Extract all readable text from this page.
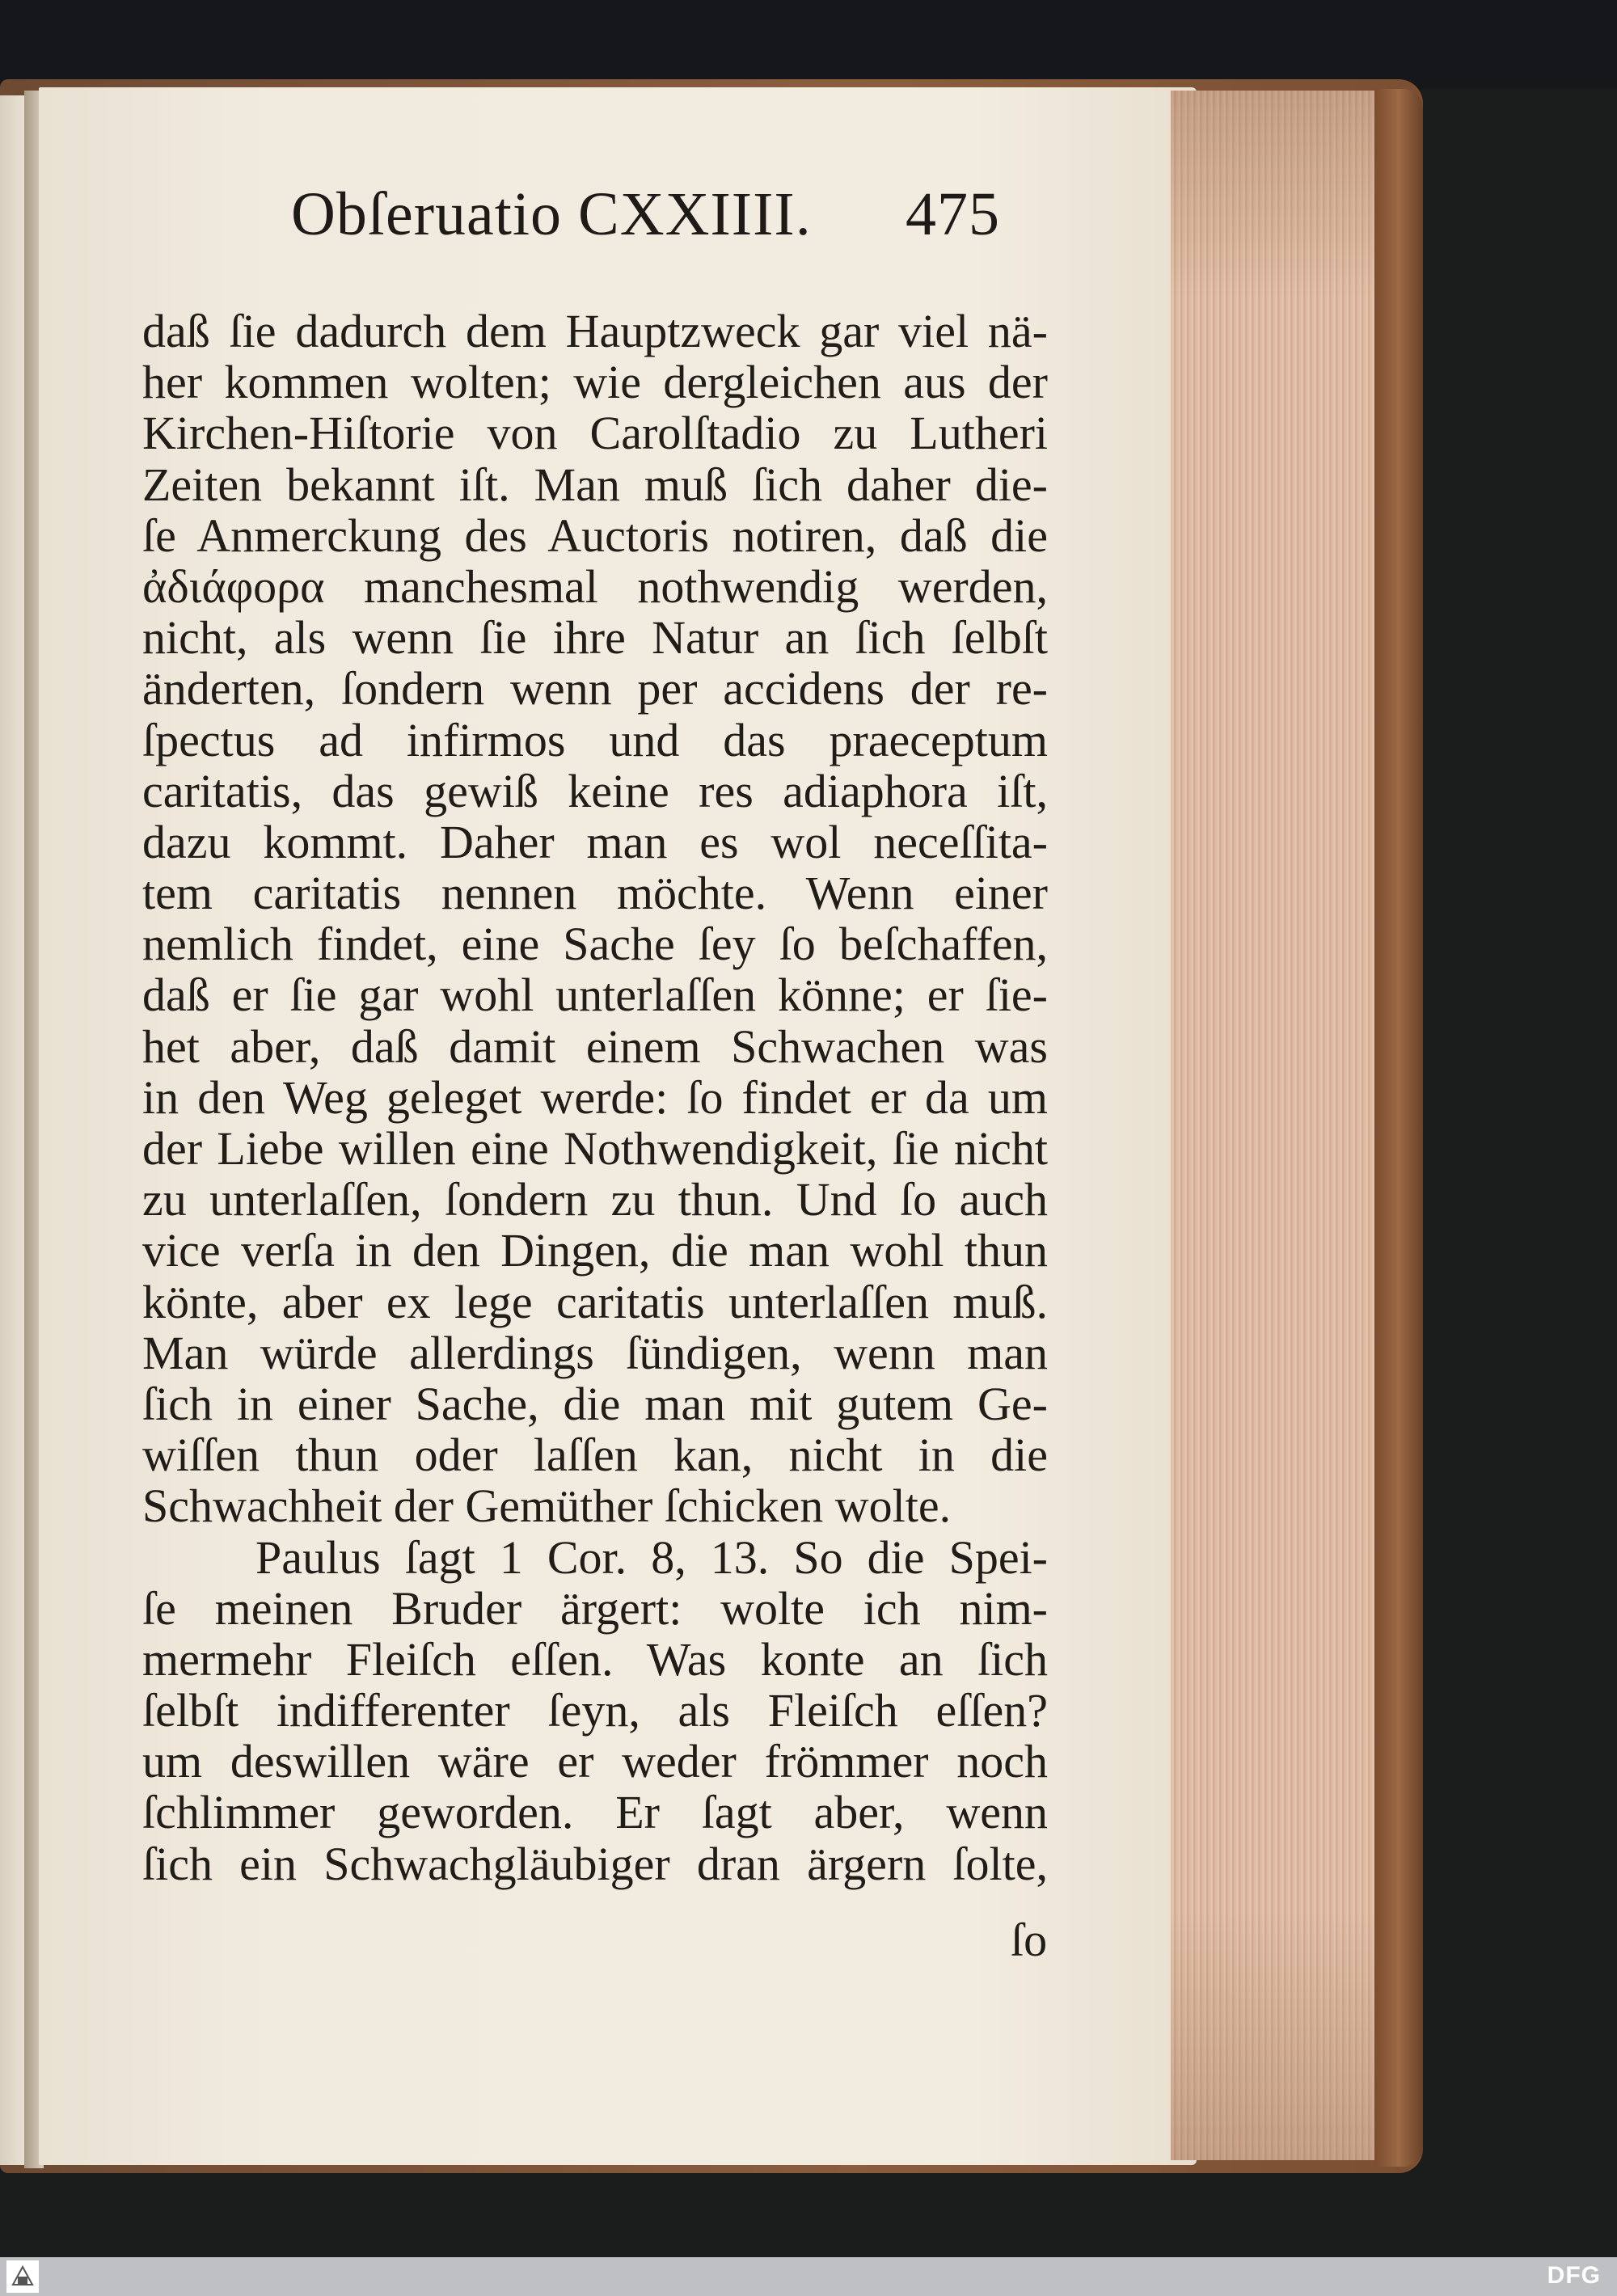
Obſeruatio CXXIIII. 475
daß ſie dadurch dem Hauptzweck gar viel nä-
her kommen wolten; wie dergleichen aus der
Kirchen-Hiſtorie von Carolſtadio zu Lutheri
Zeiten bekannt iſt. Man muß ſich daher die-
ſe Anmerckung des Auctoris notiren, daß die
ἀδιάφορα manchesmal nothwendig werden,
nicht, als wenn ſie ihre Natur an ſich ſelbſt
änderten, ſondern wenn per accidens der re-
ſpectus ad infirmos und das praeceptum
caritatis, das gewiß keine res adiaphora iſt,
dazu kommt. Daher man es wol neceſſita-
tem caritatis nennen möchte. Wenn einer
nemlich findet, eine Sache ſey ſo beſchaffen,
daß er ſie gar wohl unterlaſſen könne; er ſie-
het aber, daß damit einem Schwachen was
in den Weg geleget werde: ſo findet er da um
der Liebe willen eine Nothwendigkeit, ſie nicht
zu unterlaſſen, ſondern zu thun. Und ſo auch
vice verſa in den Dingen, die man wohl thun
könte, aber ex lege caritatis unterlaſſen muß.
Man würde allerdings ſündigen, wenn man
ſich in einer Sache, die man mit gutem Ge-
wiſſen thun oder laſſen kan, nicht in die
Schwachheit der Gemüther ſchicken wolte.
Paulus ſagt 1 Cor. 8, 13. So die Spei-
ſe meinen Bruder ärgert: wolte ich nim-
mermehr Fleiſch eſſen. Was konte an ſich
ſelbſt indifferenter ſeyn, als Fleiſch eſſen?
um deswillen wäre er weder frömmer noch
ſchlimmer geworden. Er ſagt aber, wenn
ſich ein Schwachgläubiger dran ärgern ſolte,
ſo
DFG
